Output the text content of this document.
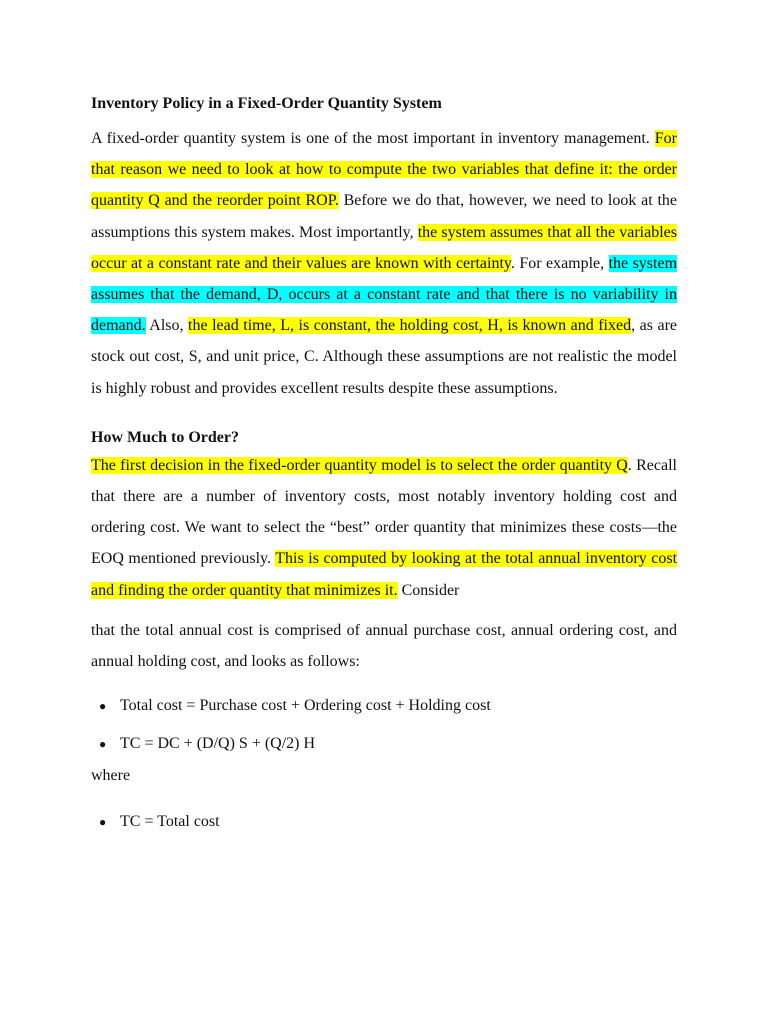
Inventory Policy in a Fixed-Order Quantity System

A fixed-order quantity system is one of the most important in inventory management. For that reason we need to look at how to compute the two variables that define it: the order quantity Q and the reorder point ROP. Before we do that, however, we need to look at the assumptions this system makes. Most importantly, the system assumes that all the variables occur at a constant rate and their values are known with certainty. For example, the system assumes that the demand, D, occurs at a constant rate and that there is no variability in demand. Also, the lead time, L, is constant, the holding cost, H, is known and fixed, as are stock out cost, S, and unit price, C. Although these assumptions are not realistic the model is highly robust and provides excellent results despite these assumptions.

How Much to Order?

The first decision in the fixed-order quantity model is to select the order quantity Q. Recall that there are a number of inventory costs, most notably inventory holding cost and ordering cost. We want to select the “best” order quantity that minimizes these costs—the EOQ mentioned previously. This is computed by looking at the total annual inventory cost and finding the order quantity that minimizes it. Consider

that the total annual cost is comprised of annual purchase cost, annual ordering cost, and annual holding cost, and looks as follows:

● Total cost = Purchase cost + Ordering cost + Holding cost
● TC = DC + (D/Q) S + (Q/2) H

where

● TC = Total cost
